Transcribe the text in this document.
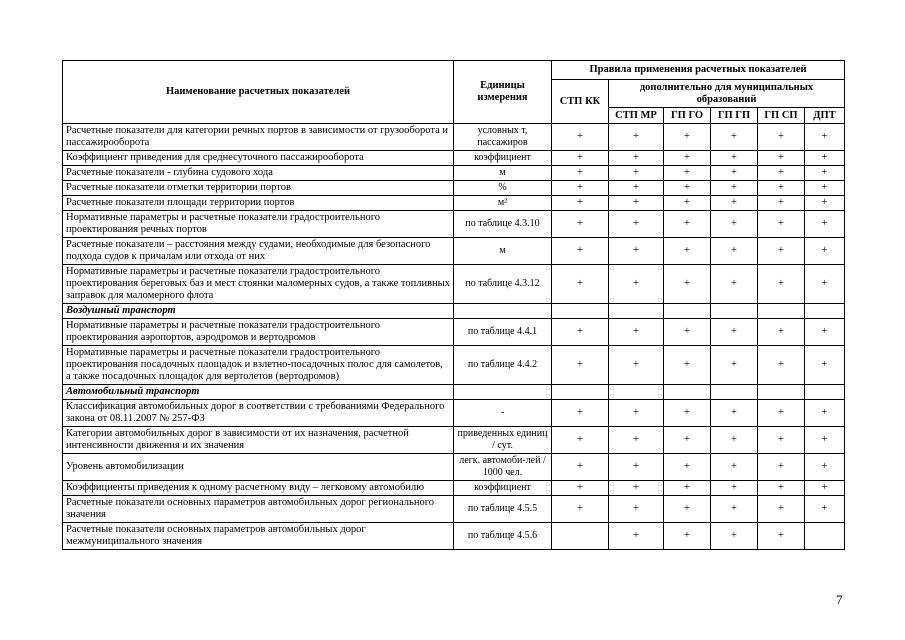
Наименование расчетных показателей	Единицы измерения	Правила применения расчетных показателей					
		СТП КК	дополнительно для муниципальных образований				
			СТП МР	ГП ГО	ГП ГП	ГП СП	ДПТ
Расчетные показатели для категории речных портов в зависимости от грузооборота и пассажирооборота	условных т, пассажиров	+	+	+	+	+	+
Коэффициент приведения для среднесуточного пассажирооборота	коэффициент	+	+	+	+	+	+
Расчетные показатели - глубина судового хода	м	+	+	+	+	+	+
Расчетные показатели отметки территории портов	%	+	+	+	+	+	+
Расчетные показатели площади территории портов	м²	+	+	+	+	+	+
Нормативные параметры и расчетные показатели градостроительного проектирования речных портов	по таблице 4.3.10	+	+	+	+	+	+
Расчетные показатели – расстояния между судами, необходимые для безопасного подхода судов к причалам или отхода от них	м	+	+	+	+	+	+
Нормативные параметры и расчетные показатели градостроительного проектирования береговых баз и мест стоянки маломерных судов, а также топливных заправок для маломерного флота	по таблице 4.3.12	+	+	+	+	+	+
Воздушный транспорт							
Нормативные параметры и расчетные показатели градостроительного проектирования аэропортов, аэродромов и вертодромов	по таблице 4.4.1	+	+	+	+	+	+
Нормативные параметры и расчетные показатели градостроительного проектирования посадочных площадок и взлетно-посадочных полос для самолетов, а также посадочных площадок для вертолетов (вертодромов)	по таблице 4.4.2	+	+	+	+	+	+
Автомобильный транспорт							
Классификация автомобильных дорог в соответствии с требованиями Федерального закона от 08.11.2007 № 257-ФЗ	-	+	+	+	+	+	+
Категории автомобильных дорог в зависимости от их назначения, расчетной интенсивности движения и их значения	приведенных единиц / сут.	+	+	+	+	+	+
Уровень автомобилизации	легк. автомоби-лей / 1000 чел.	+	+	+	+	+	+
Коэффициенты приведения к одному расчетному виду – легковому автомобилю	коэффициент	+	+	+	+	+	+
Расчетные показатели основных параметров автомобильных дорог регионального значения	по таблице 4.5.5	+	+	+	+	+	+
Расчетные показатели основных параметров автомобильных дорог межмуниципального значения	по таблице 4.5.6		+	+	+	+	
7
